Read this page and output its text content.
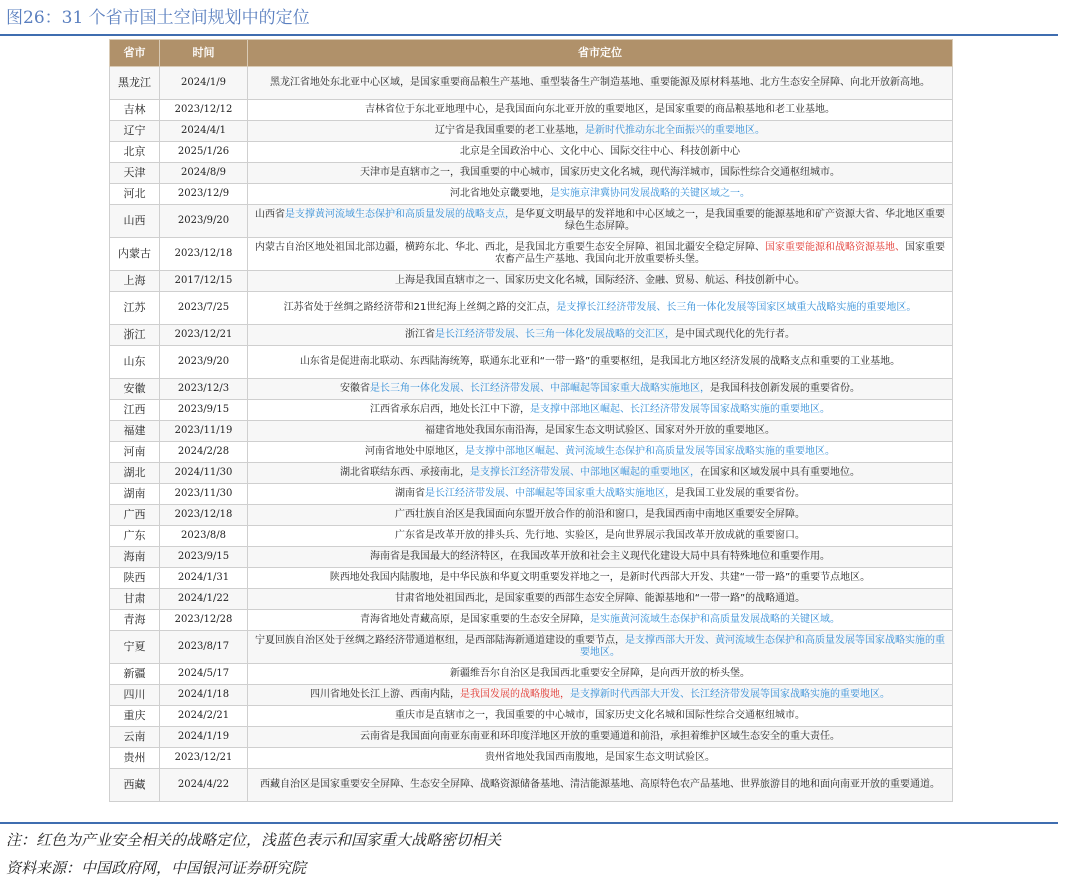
图26：31 个省市国土空间规划中的定位
省市	时间	省市定位
黑龙江	2024/1/9	黑龙江省地处东北亚中心区域，是国家重要商品粮生产基地、重型装备生产制造基地、重要能源及原材料基地、北方生态安全屏障、向北开放新高地。
吉林	2023/12/12	吉林省位于东北亚地理中心，是我国面向东北亚开放的重要地区，是国家重要的商品粮基地和老工业基地。
辽宁	2024/4/1	辽宁省是我国重要的老工业基地，是新时代推动东北全面振兴的重要地区。
北京	2025/1/26	北京是全国政治中心、文化中心、国际交往中心、科技创新中心
天津	2024/8/9	天津市是直辖市之一，我国重要的中心城市，国家历史文化名城，现代海洋城市，国际性综合交通枢纽城市。
河北	2023/12/9	河北省地处京畿要地，是实施京津冀协同发展战略的关键区域之一。
山西	2023/9/20	山西省是支撑黄河流域生态保护和高质量发展的战略支点，是华夏文明最早的发祥地和中心区域之一，是我国重要的能源基地和矿产资源大省、华北地区重要绿色生态屏障。
内蒙古	2023/12/18	内蒙古自治区地处祖国北部边疆，横跨东北、华北、西北，是我国北方重要生态安全屏障、祖国北疆安全稳定屏障、国家重要能源和战略资源基地、国家重要农畜产品生产基地、我国向北开放重要桥头堡。
上海	2017/12/15	上海是我国直辖市之一、国家历史文化名城，国际经济、金融、贸易、航运、科技创新中心。
江苏	2023/7/25	江苏省处于丝绸之路经济带和21世纪海上丝绸之路的交汇点，是支撑长江经济带发展、长三角一体化发展等国家区域重大战略实施的重要地区。
浙江	2023/12/21	浙江省是长江经济带发展、长三角一体化发展战略的交汇区，是中国式现代化的先行者。
山东	2023/9/20	山东省是促进南北联动、东西陆海统筹，联通东北亚和“一带一路”的重要枢纽，是我国北方地区经济发展的战略支点和重要的工业基地。
安徽	2023/12/3	安徽省是长三角一体化发展、长江经济带发展、中部崛起等国家重大战略实施地区，是我国科技创新发展的重要省份。
江西	2023/9/15	江西省承东启西，地处长江中下游，是支撑中部地区崛起、长江经济带发展等国家战略实施的重要地区。
福建	2023/11/19	福建省地处我国东南沿海，是国家生态文明试验区、国家对外开放的重要地区。
河南	2024/2/28	河南省地处中原地区，是支撑中部地区崛起、黄河流域生态保护和高质量发展等国家战略实施的重要地区。
湖北	2024/11/30	湖北省联结东西、承接南北，是支撑长江经济带发展、中部地区崛起的重要地区，在国家和区域发展中具有重要地位。
湖南	2023/11/30	湖南省是长江经济带发展、中部崛起等国家重大战略实施地区，是我国工业发展的重要省份。
广西	2023/12/18	广西壮族自治区是我国面向东盟开放合作的前沿和窗口，是我国西南中南地区重要安全屏障。
广东	2023/8/8	广东省是改革开放的排头兵、先行地、实验区，是向世界展示我国改革开放成就的重要窗口。
海南	2023/9/15	海南省是我国最大的经济特区，在我国改革开放和社会主义现代化建设大局中具有特殊地位和重要作用。
陕西	2024/1/31	陕西地处我国内陆腹地，是中华民族和华夏文明重要发祥地之一，是新时代西部大开发、共建“一带一路”的重要节点地区。
甘肃	2024/1/22	甘肃省地处祖国西北，是国家重要的西部生态安全屏障、能源基地和“一带一路”的战略通道。
青海	2023/12/28	青海省地处青藏高原，是国家重要的生态安全屏障，是实施黄河流域生态保护和高质量发展战略的关键区域。
宁夏	2023/8/17	宁夏回族自治区处于丝绸之路经济带通道枢纽，是西部陆海新通道建设的重要节点，是支撑西部大开发、黄河流域生态保护和高质量发展等国家战略实施的重要地区。
新疆	2024/5/17	新疆维吾尔自治区是我国西北重要安全屏障，是向西开放的桥头堡。
四川	2024/1/18	四川省地处长江上游、西南内陆，是我国发展的战略腹地，是支撑新时代西部大开发、长江经济带发展等国家战略实施的重要地区。
重庆	2024/2/21	重庆市是直辖市之一，我国重要的中心城市，国家历史文化名城和国际性综合交通枢纽城市。
云南	2024/1/19	云南省是我国面向南亚东南亚和环印度洋地区开放的重要通道和前沿，承担着维护区域生态安全的重大责任。
贵州	2023/12/21	贵州省地处我国西南腹地，是国家生态文明试验区。
西藏	2024/4/22	西藏自治区是国家重要安全屏障、生态安全屏障、战略资源储备基地、清洁能源基地、高原特色农产品基地、世界旅游目的地和面向南亚开放的重要通道。
注：红色为产业安全相关的战略定位，浅蓝色表示和国家重大战略密切相关
资料来源：中国政府网，中国银河证券研究院
